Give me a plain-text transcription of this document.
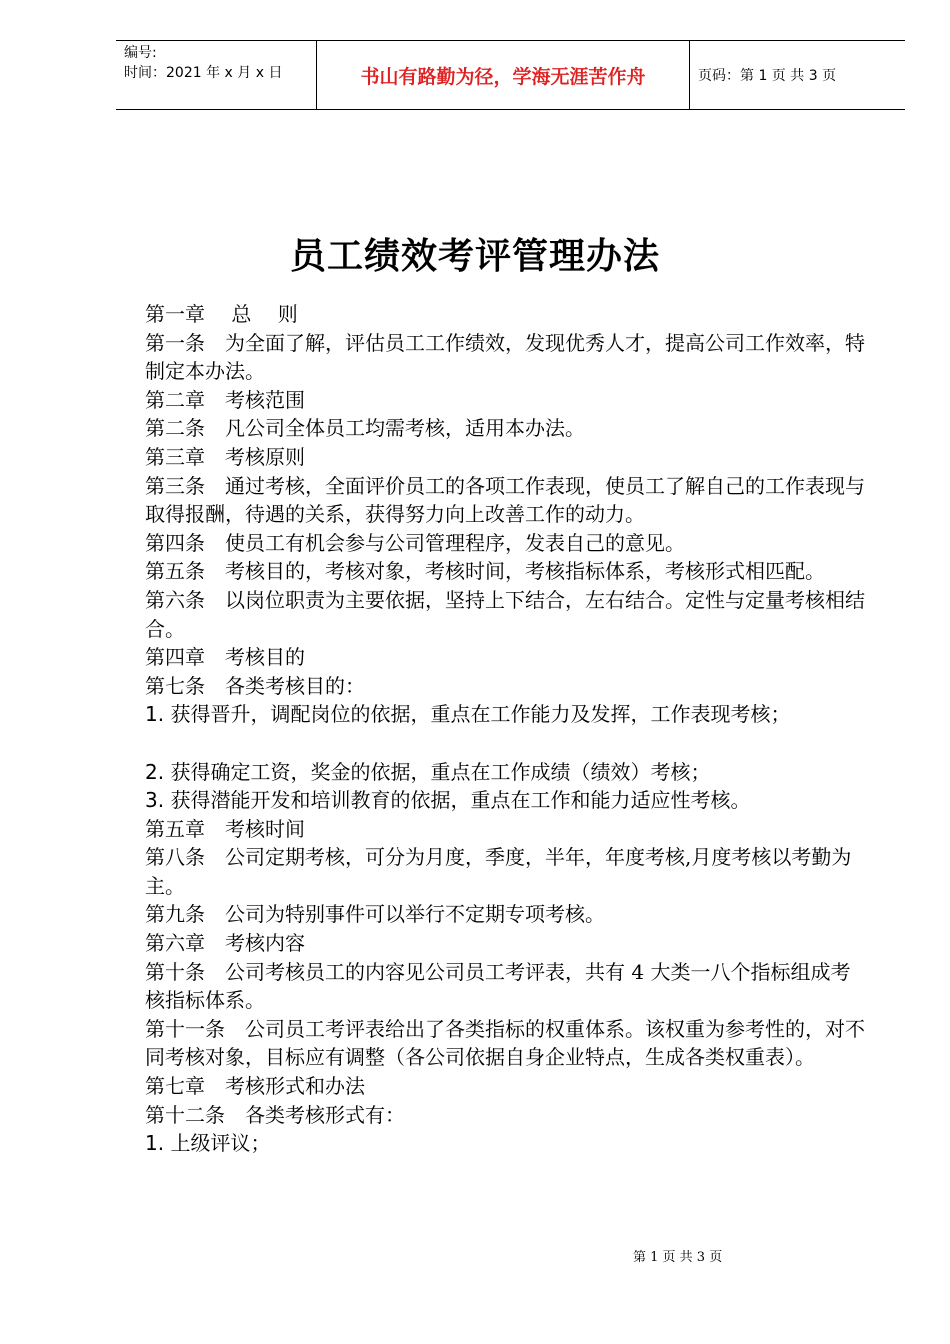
编号:
时间：2021 年 x 月 x 日	书山有路勤为径，学海无涯苦作舟	页码：第 1 页 共 3 页
员工绩效考评管理办法

第一章　 总　 则

第一条　为全面了解，评估员工工作绩效，发现优秀人才，提高公司工作效率，特制定本办法。

第二章　考核范围

第二条　凡公司全体员工均需考核，适用本办法。

第三章　考核原则

第三条　通过考核，全面评价员工的各项工作表现，使员工了解自己的工作表现与取得报酬，待遇的关系，获得努力向上改善工作的动力。

第四条　使员工有机会参与公司管理程序，发表自己的意见。

第五条　考核目的，考核对象，考核时间，考核指标体系，考核形式相匹配。

第六条　以岗位职责为主要依据，坚持上下结合，左右结合。定性与定量考核相结合。

第四章　考核目的

第七条　各类考核目的：

1. 获得晋升，调配岗位的依据，重点在工作能力及发挥，工作表现考核；

2. 获得确定工资，奖金的依据，重点在工作成绩（绩效）考核；

3. 获得潜能开发和培训教育的依据，重点在工作和能力适应性考核。

第五章　考核时间

第八条　公司定期考核，可分为月度，季度，半年，年度考核,月度考核以考勤为主。

第九条　公司为特别事件可以举行不定期专项考核。

第六章　考核内容

第十条　公司考核员工的内容见公司员工考评表，共有 4 大类一八个指标组成考核指标体系。

第十一条　公司员工考评表给出了各类指标的权重体系。该权重为参考性的，对不同考核对象，目标应有调整（各公司依据自身企业特点，生成各类权重表）。

第七章　考核形式和办法

第十二条　各类考核形式有：

1. 上级评议；

第 1 页 共 3 页
